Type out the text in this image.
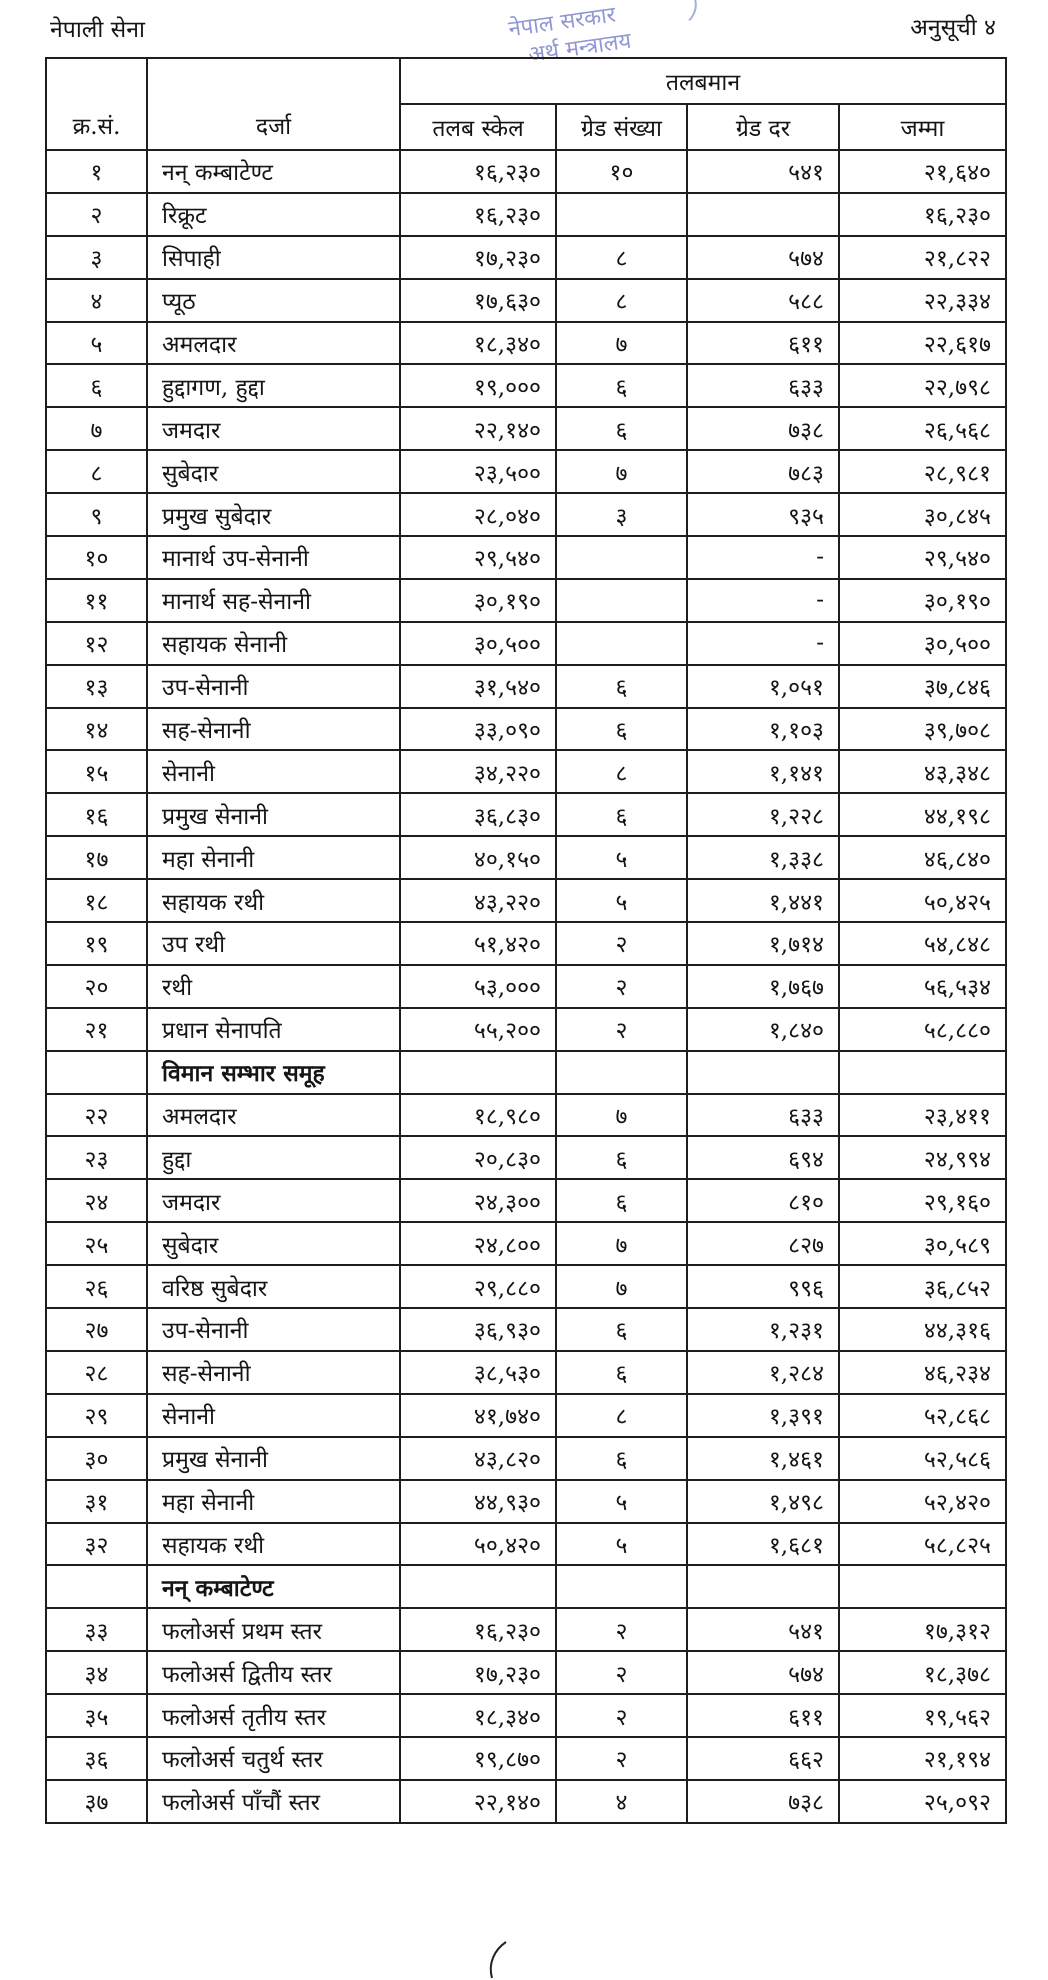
नेपाली सेना	नेपाल सरकार
अर्थ मन्त्रालय
अनुसूची ४
क्र.सं.	दर्जा	तलबमान			
		तलब स्केल	ग्रेड संख्या	ग्रेड दर	जम्मा
१	नन् कम्बाटेण्ट	१६,२३०	१०	५४१	२१,६४०
२	रिक्रूट	१६,२३०			१६,२३०
३	सिपाही	१७,२३०	८	५७४	२१,८२२
४	प्यूठ	१७,६३०	८	५८८	२२,३३४
५	अमलदार	१८,३४०	७	६११	२२,६१७
६	हुद्दागण, हुद्दा	१९,०००	६	६३३	२२,७९८
७	जमदार	२२,१४०	६	७३८	२६,५६८
८	सुबेदार	२३,५००	७	७८३	२८,९८१
९	प्रमुख सुबेदार	२८,०४०	३	९३५	३०,८४५
१०	मानार्थ उप-सेनानी	२९,५४०		-	२९,५४०
११	मानार्थ सह-सेनानी	३०,१९०		-	३०,१९०
१२	सहायक सेनानी	३०,५००		-	३०,५००
१३	उप-सेनानी	३१,५४०	६	१,०५१	३७,८४६
१४	सह-सेनानी	३३,०९०	६	१,१०३	३९,७०८
१५	सेनानी	३४,२२०	८	१,१४१	४३,३४८
१६	प्रमुख सेनानी	३६,८३०	६	१,२२८	४४,१९८
१७	महा सेनानी	४०,१५०	५	१,३३८	४६,८४०
१८	सहायक रथी	४३,२२०	५	१,४४१	५०,४२५
१९	उप रथी	५१,४२०	२	१,७१४	५४,८४८
२०	रथी	५३,०००	२	१,७६७	५६,५३४
२१	प्रधान सेनापति	५५,२००	२	१,८४०	५८,८८०
	विमान सम्भार समूह				
२२	अमलदार	१८,९८०	७	६३३	२३,४११
२३	हुद्दा	२०,८३०	६	६९४	२४,९९४
२४	जमदार	२४,३००	६	८१०	२९,१६०
२५	सुबेदार	२४,८००	७	८२७	३०,५८९
२६	वरिष्ठ सुबेदार	२९,८८०	७	९९६	३६,८५२
२७	उप-सेनानी	३६,९३०	६	१,२३१	४४,३१६
२८	सह-सेनानी	३८,५३०	६	१,२८४	४६,२३४
२९	सेनानी	४१,७४०	८	१,३९१	५२,८६८
३०	प्रमुख सेनानी	४३,८२०	६	१,४६१	५२,५८६
३१	महा सेनानी	४४,९३०	५	१,४९८	५२,४२०
३२	सहायक रथी	५०,४२०	५	१,६८१	५८,८२५
	नन् कम्बाटेण्ट				
३३	फलोअर्स प्रथम स्तर	१६,२३०	२	५४१	१७,३१२
३४	फलोअर्स द्वितीय स्तर	१७,२३०	२	५७४	१८,३७८
३५	फलोअर्स तृतीय स्तर	१८,३४०	२	६११	१९,५६२
३६	फलोअर्स चतुर्थ स्तर	१९,८७०	२	६६२	२१,१९४
३७	फलोअर्स पाँचौं स्तर	२२,१४०	४	७३८	२५,०९२
